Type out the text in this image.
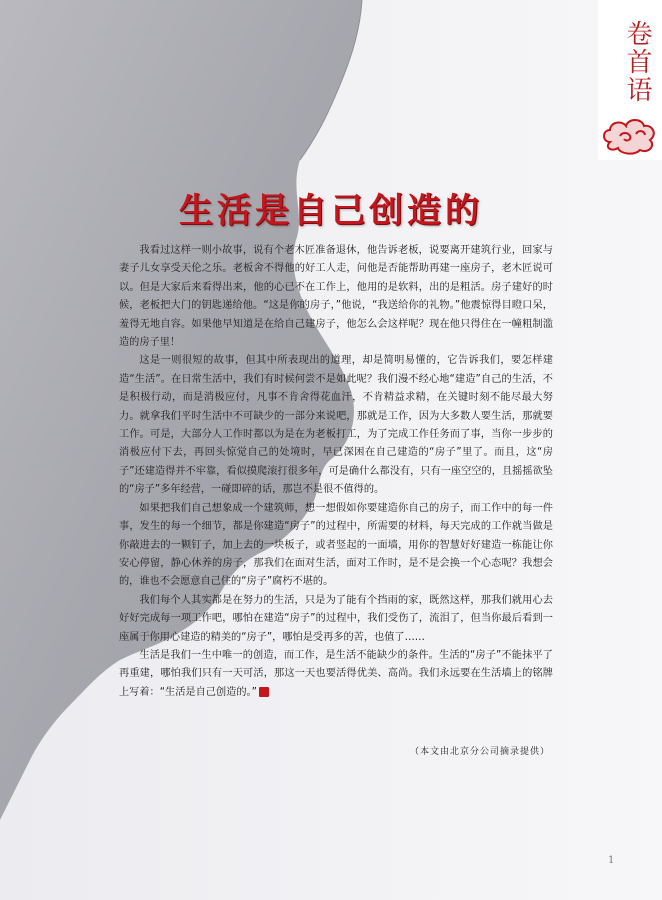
卷首语
生活是自己创造的

我看过这样一则小故事，说有个老木匠准备退休，他告诉老板，说要离开建筑行业，回家与妻子儿女享受天伦之乐。老板舍不得他的好工人走，问他是否能帮助再建一座房子，老木匠说可以。但是大家后来看得出来，他的心已不在工作上，他用的是软料，出的是粗活。房子建好的时候，老板把大门的钥匙递给他。“这是你的房子，”他说，“我送给你的礼物。”他震惊得目瞪口呆，羞得无地自容。如果他早知道是在给自己建房子，他怎么会这样呢？现在他只得住在一幢粗制滥造的房子里！

这是一则很短的故事，但其中所表现出的道理，却是简明易懂的，它告诉我们，要怎样建造“生活”。在日常生活中，我们有时候何尝不是如此呢？我们漫不经心地“建造”自己的生活，不是积极行动，而是消极应付，凡事不肯舍得花血汗，不肯精益求精，在关键时刻不能尽最大努力。就拿我们平时生活中不可缺少的一部分来说吧，那就是工作，因为大多数人要生活，那就要工作。可是，大部分人工作时都以为是在为老板打工，为了完成工作任务而了事，当你一步步的消极应付下去，再回头惊觉自己的处境时，早已深困在自己建造的“房子”里了。而且，这“房子”还建造得并不牢靠，看似摸爬滚打很多年，可是确什么都没有，只有一座空空的，且摇摇欲坠的“房子”多年经营，一碰即碎的话，那岂不是很不值得的。

如果把我们自己想象成一个建筑师，想一想假如你要建造你自己的房子，而工作中的每一件事，发生的每一个细节，都是你建造“房子”的过程中，所需要的材料，每天完成的工作就当做是你敲进去的一颗钉子，加上去的一块板子，或者竖起的一面墙，用你的智慧好好建造一栋能让你安心停留，静心休养的房子，那我们在面对生活，面对工作时，是不是会换一个心态呢？我想会的，谁也不会愿意自己住的“房子”腐朽不堪的。

我们每个人其实都是在努力的生活，只是为了能有个挡雨的家，既然这样，那我们就用心去好好完成每一项工作吧，哪怕在建造“房子”的过程中，我们受伤了，流泪了，但当你最后看到一座属于你用心建造的精美的“房子”，哪怕是受再多的苦，也值了……

生活是我们一生中唯一的创造，而工作，是生活不能缺少的条件。生活的“房子”不能抹平了再重建，哪怕我们只有一天可活，那这一天也要活得优美、高尚。我们永远要在生活墙上的铭牌上写着：“生活是自己创造的。”

（本文由北京分公司摘录提供）
1
